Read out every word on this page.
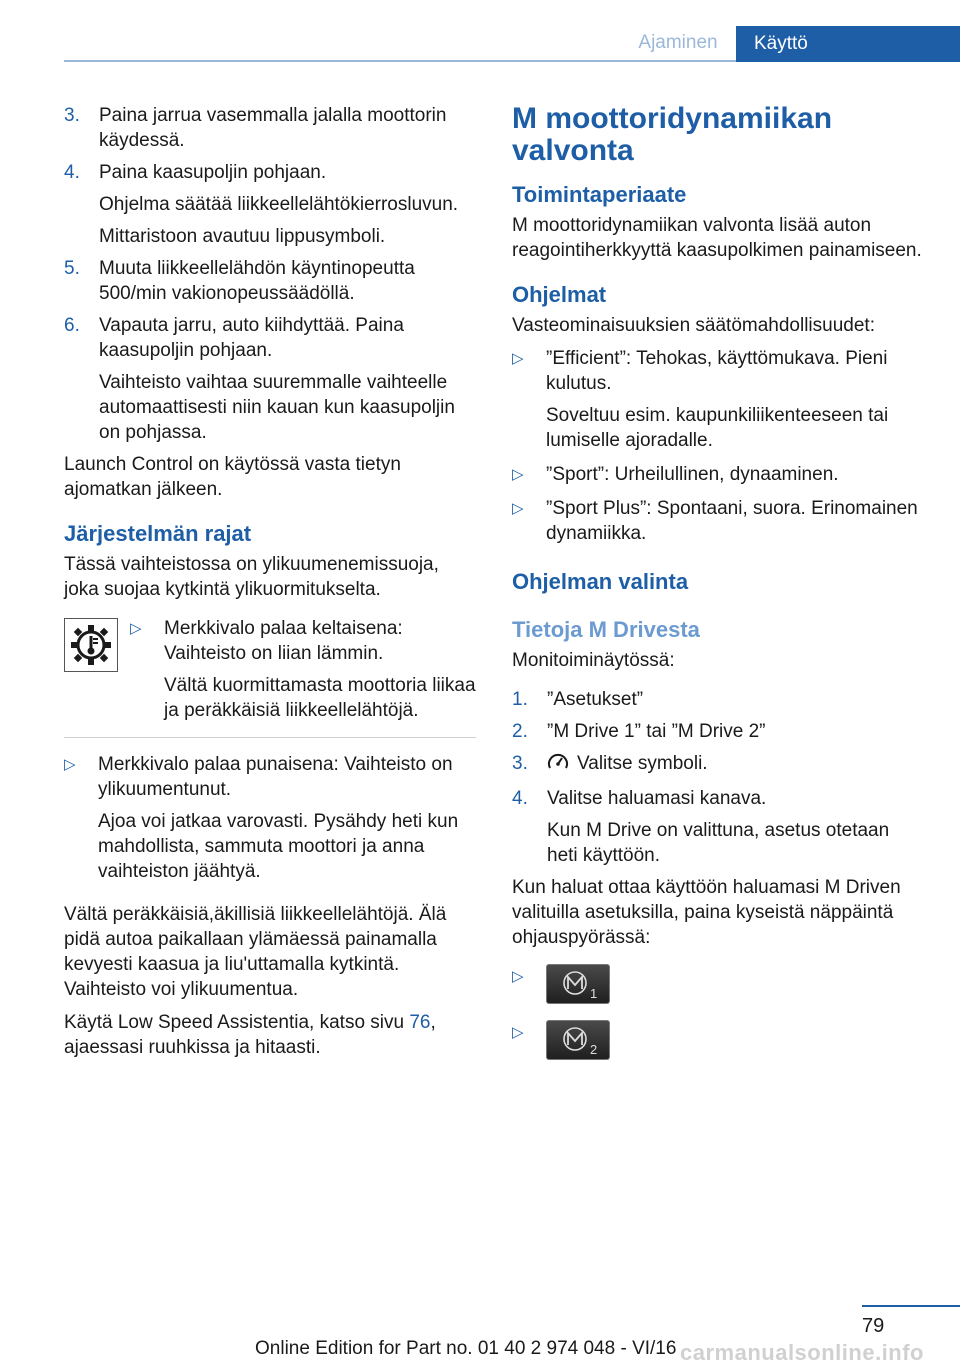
Ajaminen	Käyttö
3. Paina jarrua vasemmalla jalalla moottorin käydessä.

4. Paina kaasupoljin pohjaan.

Ohjelma säätää liikkeellelähtökierrosluvun.

Mittaristoon avautuu lippusymboli.

5. Muuta liikkeellelähdön käyntinopeutta 500/min vakionopeussäädöllä.

6. Vapauta jarru, auto kiihdyttää. Paina kaasupoljin pohjaan.

Vaihteisto vaihtaa suuremmalle vaihteelle automaattisesti niin kauan kun kaasupoljin on pohjassa.

Launch Control on käytössä vasta tietyn ajomatkan jälkeen.

Järjestelmän rajat

Tässä vaihteistossa on ylikuumenemissuoja, joka suojaa kytkintä ylikuormitukselta.

▷ Merkkivalo palaa keltaisena: Vaihteisto on liian lämmin.

Vältä kuormittamasta moottoria liikaa ja peräkkäisiä liikkeellelähtöjä.

▷ Merkkivalo palaa punaisena: Vaihteisto on ylikuumentunut.

Ajoa voi jatkaa varovasti. Pysähdy heti kun mahdollista, sammuta moottori ja anna vaihteiston jäähtyä.

Vältä peräkkäisiä,äkillisiä liikkeellelähtöjä. Älä pidä autoa paikallaan ylämäessä painamalla kevyesti kaasua ja liu'uttamalla kytkintä. Vaihteisto voi ylikuumentua.

Käytä Low Speed Assistentia, katso sivu 76, ajaessasi ruuhkissa ja hitaasti.

M moottoridynamiikan valvonta
Toimintaperiaate

M moottoridynamiikan valvonta lisää auton reagointiherkkyyttä kaasupolkimen painamiseen.

Ohjelmat

Vasteominaisuuksien säätömahdollisuudet:

▷ ”Efficient”: Tehokas, käyttömukava. Pieni kulutus.

Soveltuu esim. kaupunkiliikenteeseen tai lumiselle ajoradalle.

▷ ”Sport”: Urheilullinen, dynaaminen.

▷ ”Sport Plus”: Spontaani, suora. Erinomainen dynamiikka.

Ohjelman valinta
Tietoja M Drivesta

Monitoiminäytössä:

1. ”Asetukset”

2. ”M Drive 1” tai ”M Drive 2”

3.	Valitse symboli.

4. Valitse haluamasi kanava.

Kun M Drive on valittuna, asetus otetaan heti käyttöön.

Kun haluat ottaa käyttöön haluamasi M Driven valituilla asetuksilla, paina kyseistä näppäintä ohjauspyörässä:

▷
1
▷
2
79
Online Edition for Part no. 01 40 2 974 048 - VI/16 carmanualsonline.info
